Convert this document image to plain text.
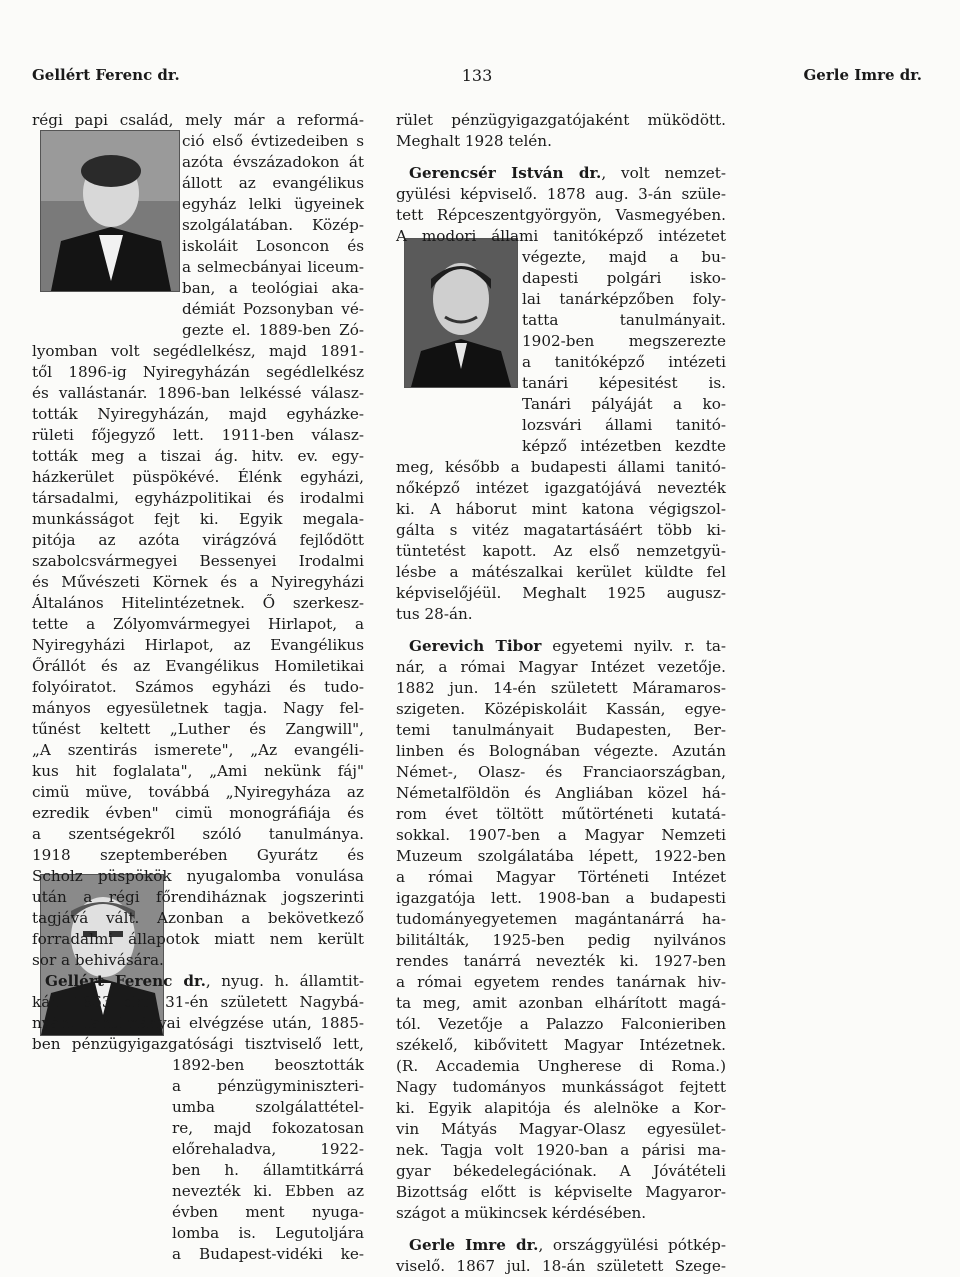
Gellért Ferenc dr.	133	Gerle Imre dr.
régi papi család, mely már a reformá-
ció első évtizedeiben s
azóta évszázadokon át
állott az evangélikus
egyház lelki ügyeinek
szolgálatában. Közép-
iskoláit Losoncon és
a selmecbányai liceum-
ban, a teológiai aka-
démiát Pozsonyban vé-
gezte el. 1889-ben Zó-
lyomban volt segédlelkész, majd 1891-
től 1896-ig Nyiregyházán segédlelkész
és vallástanár. 1896-ban lelkéssé válasz-
tották Nyiregyházán, majd egyházke-
rületi főjegyző lett. 1911-ben válasz-
tották meg a tiszai ág. hitv. ev. egy-
házkerület püspökévé. Élénk egyházi,
társadalmi, egyházpolitikai és irodalmi
munkásságot fejt ki. Egyik megala-
pitója az azóta virágzóvá fejlődött
szabolcsvármegyei Bessenyei Irodalmi
és Művészeti Körnek és a Nyiregyházi
Általános Hitelintézetnek. Ő szerkesz-
tette a Zólyomvármegyei Hirlapot, a
Nyiregyházi Hirlapot, az Evangélikus
Őrállót és az Evangélikus Homiletikai
folyóiratot. Számos egyházi és tudo-
mányos egyesületnek tagja. Nagy fel-
tűnést keltett „Luther és Zangwill",
„A szentirás ismerete", „Az evangéli-
kus hit foglalata", „Ami nekünk fáj"
cimü müve, továbbá „Nyiregyháza az
ezredik évben" cimü monográfiája és
a szentségekről szóló tanulmánya.
1918 szeptemberében Gyurátz és
Scholz püspökök nyugalomba vonulása
után a régi főrendiháznak jogszerinti
tagjává vált. Azonban a bekövetkező
forradalmi állapotok miatt nem került
sor a behivására.
Gellért Ferenc dr., nyug. h. államtit-
kár. 1863 okt. 31-én született Nagybá-
nyán. Tanulmányai elvégzése után, 1885-
ben pénzügyigazgatósági tisztviselő lett,
1892-ben beosztották
a pénzügyminiszteri-
umba szolgálattétel-
re, majd fokozatosan
előrehaladva, 1922-
ben h. államtitkárrá
nevezték ki. Ebben az
évben ment nyuga-
lomba is. Legutoljára
a Budapest-vidéki ke-
rület pénzügyigazgatójaként müködött.
Meghalt 1928 telén.
Gerencsér István dr., volt nemzet-
gyülési képviselő. 1878 aug. 3-án szüle-
tett Répceszentgyörgyön, Vasmegyében.
A modori állami tanitóképző intézetet
végezte, majd a bu-
dapesti polgári isko-
lai tanárképzőben foly-
tatta tanulmányait.
1902-ben megszerezte
a tanitóképző intézeti
tanári képesitést is.
Tanári pályáját a ko-
lozsvári állami tanitó-
képző intézetben kezdte
meg, később a budapesti állami tanitó-
nőképző intézet igazgatójává nevezték
ki. A háborut mint katona végigszol-
gálta s vitéz magatartásáért több ki-
tüntetést kapott. Az első nemzetgyü-
lésbe a mátészalkai kerület küldte fel
képviselőjéül. Meghalt 1925 augusz-
tus 28-án.
Gerevich Tibor egyetemi nyilv. r. ta-
nár, a római Magyar Intézet vezetője.
1882 jun. 14-én született Máramaros-
szigeten. Középiskoláit Kassán, egye-
temi tanulmányait Budapesten, Ber-
linben és Bolognában végezte. Azután
Német-, Olasz- és Franciaországban,
Németalföldön és Angliában közel há-
rom évet töltött műtörténeti kutatá-
sokkal. 1907-ben a Magyar Nemzeti
Muzeum szolgálatába lépett, 1922-ben
a római Magyar Történeti Intézet
igazgatója lett. 1908-ban a budapesti
tudományegyetemen magántanárrá ha-
bilitálták, 1925-ben pedig nyilvános
rendes tanárrá nevezték ki. 1927-ben
a római egyetem rendes tanárnak hiv-
ta meg, amit azonban elhárított magá-
tól. Vezetője a Palazzo Falconieriben
székelő, kibővitett Magyar Intézetnek.
(R. Accademia Ungherese di Roma.)
Nagy tudományos munkásságot fejtett
ki. Egyik alapitója és alelnöke a Kor-
vin Mátyás Magyar-Olasz egyesület-
nek. Tagja volt 1920-ban a párisi ma-
gyar békedelegációnak. A Jóvátételi
Bizottság előtt is képviselte Magyaror-
szágot a mükincsek kérdésében.
Gerle Imre dr., országgyülési pótkép-
viselő. 1867 jul. 18-án született Szege-
